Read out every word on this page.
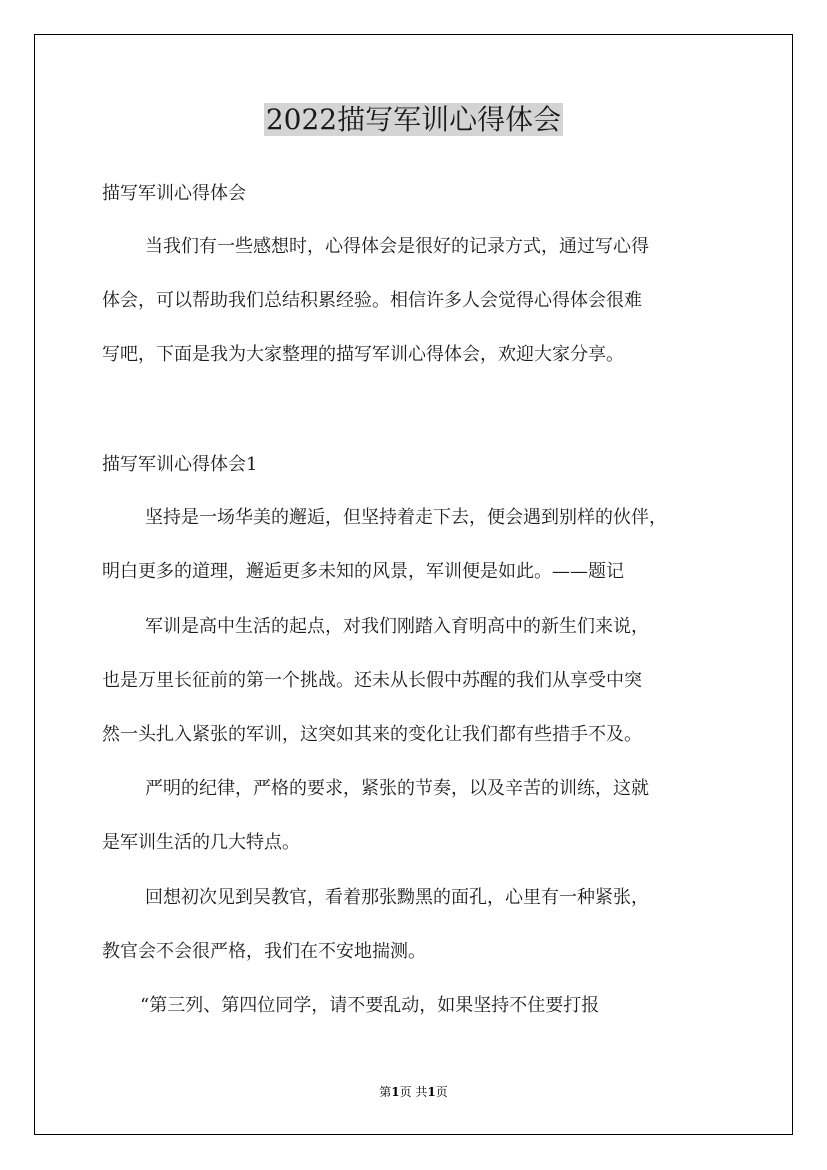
2022描写军训心得体会
描写军训心得体会
当我们有一些感想时，心得体会是很好的记录方式，通过写心得
体会，可以帮助我们总结积累经验。相信许多人会觉得心得体会很难
写吧，下面是我为大家整理的描写军训心得体会，欢迎大家分享。
描写军训心得体会1
坚持是一场华美的邂逅，但坚持着走下去，便会遇到别样的伙伴，
明白更多的道理，邂逅更多未知的风景，军训便是如此。——题记
军训是高中生活的起点，对我们刚踏入育明高中的新生们来说，
也是万里长征前的第一个挑战。还未从长假中苏醒的我们从享受中突
然一头扎入紧张的军训，这突如其来的变化让我们都有些措手不及。
严明的纪律，严格的要求，紧张的节奏，以及辛苦的训练，这就
是军训生活的几大特点。
回想初次见到吴教官，看着那张黝黑的面孔，心里有一种紧张，
教官会不会很严格，我们在不安地揣测。
“第三列、第四位同学，请不要乱动，如果坚持不住要打报
第1页 共1页
